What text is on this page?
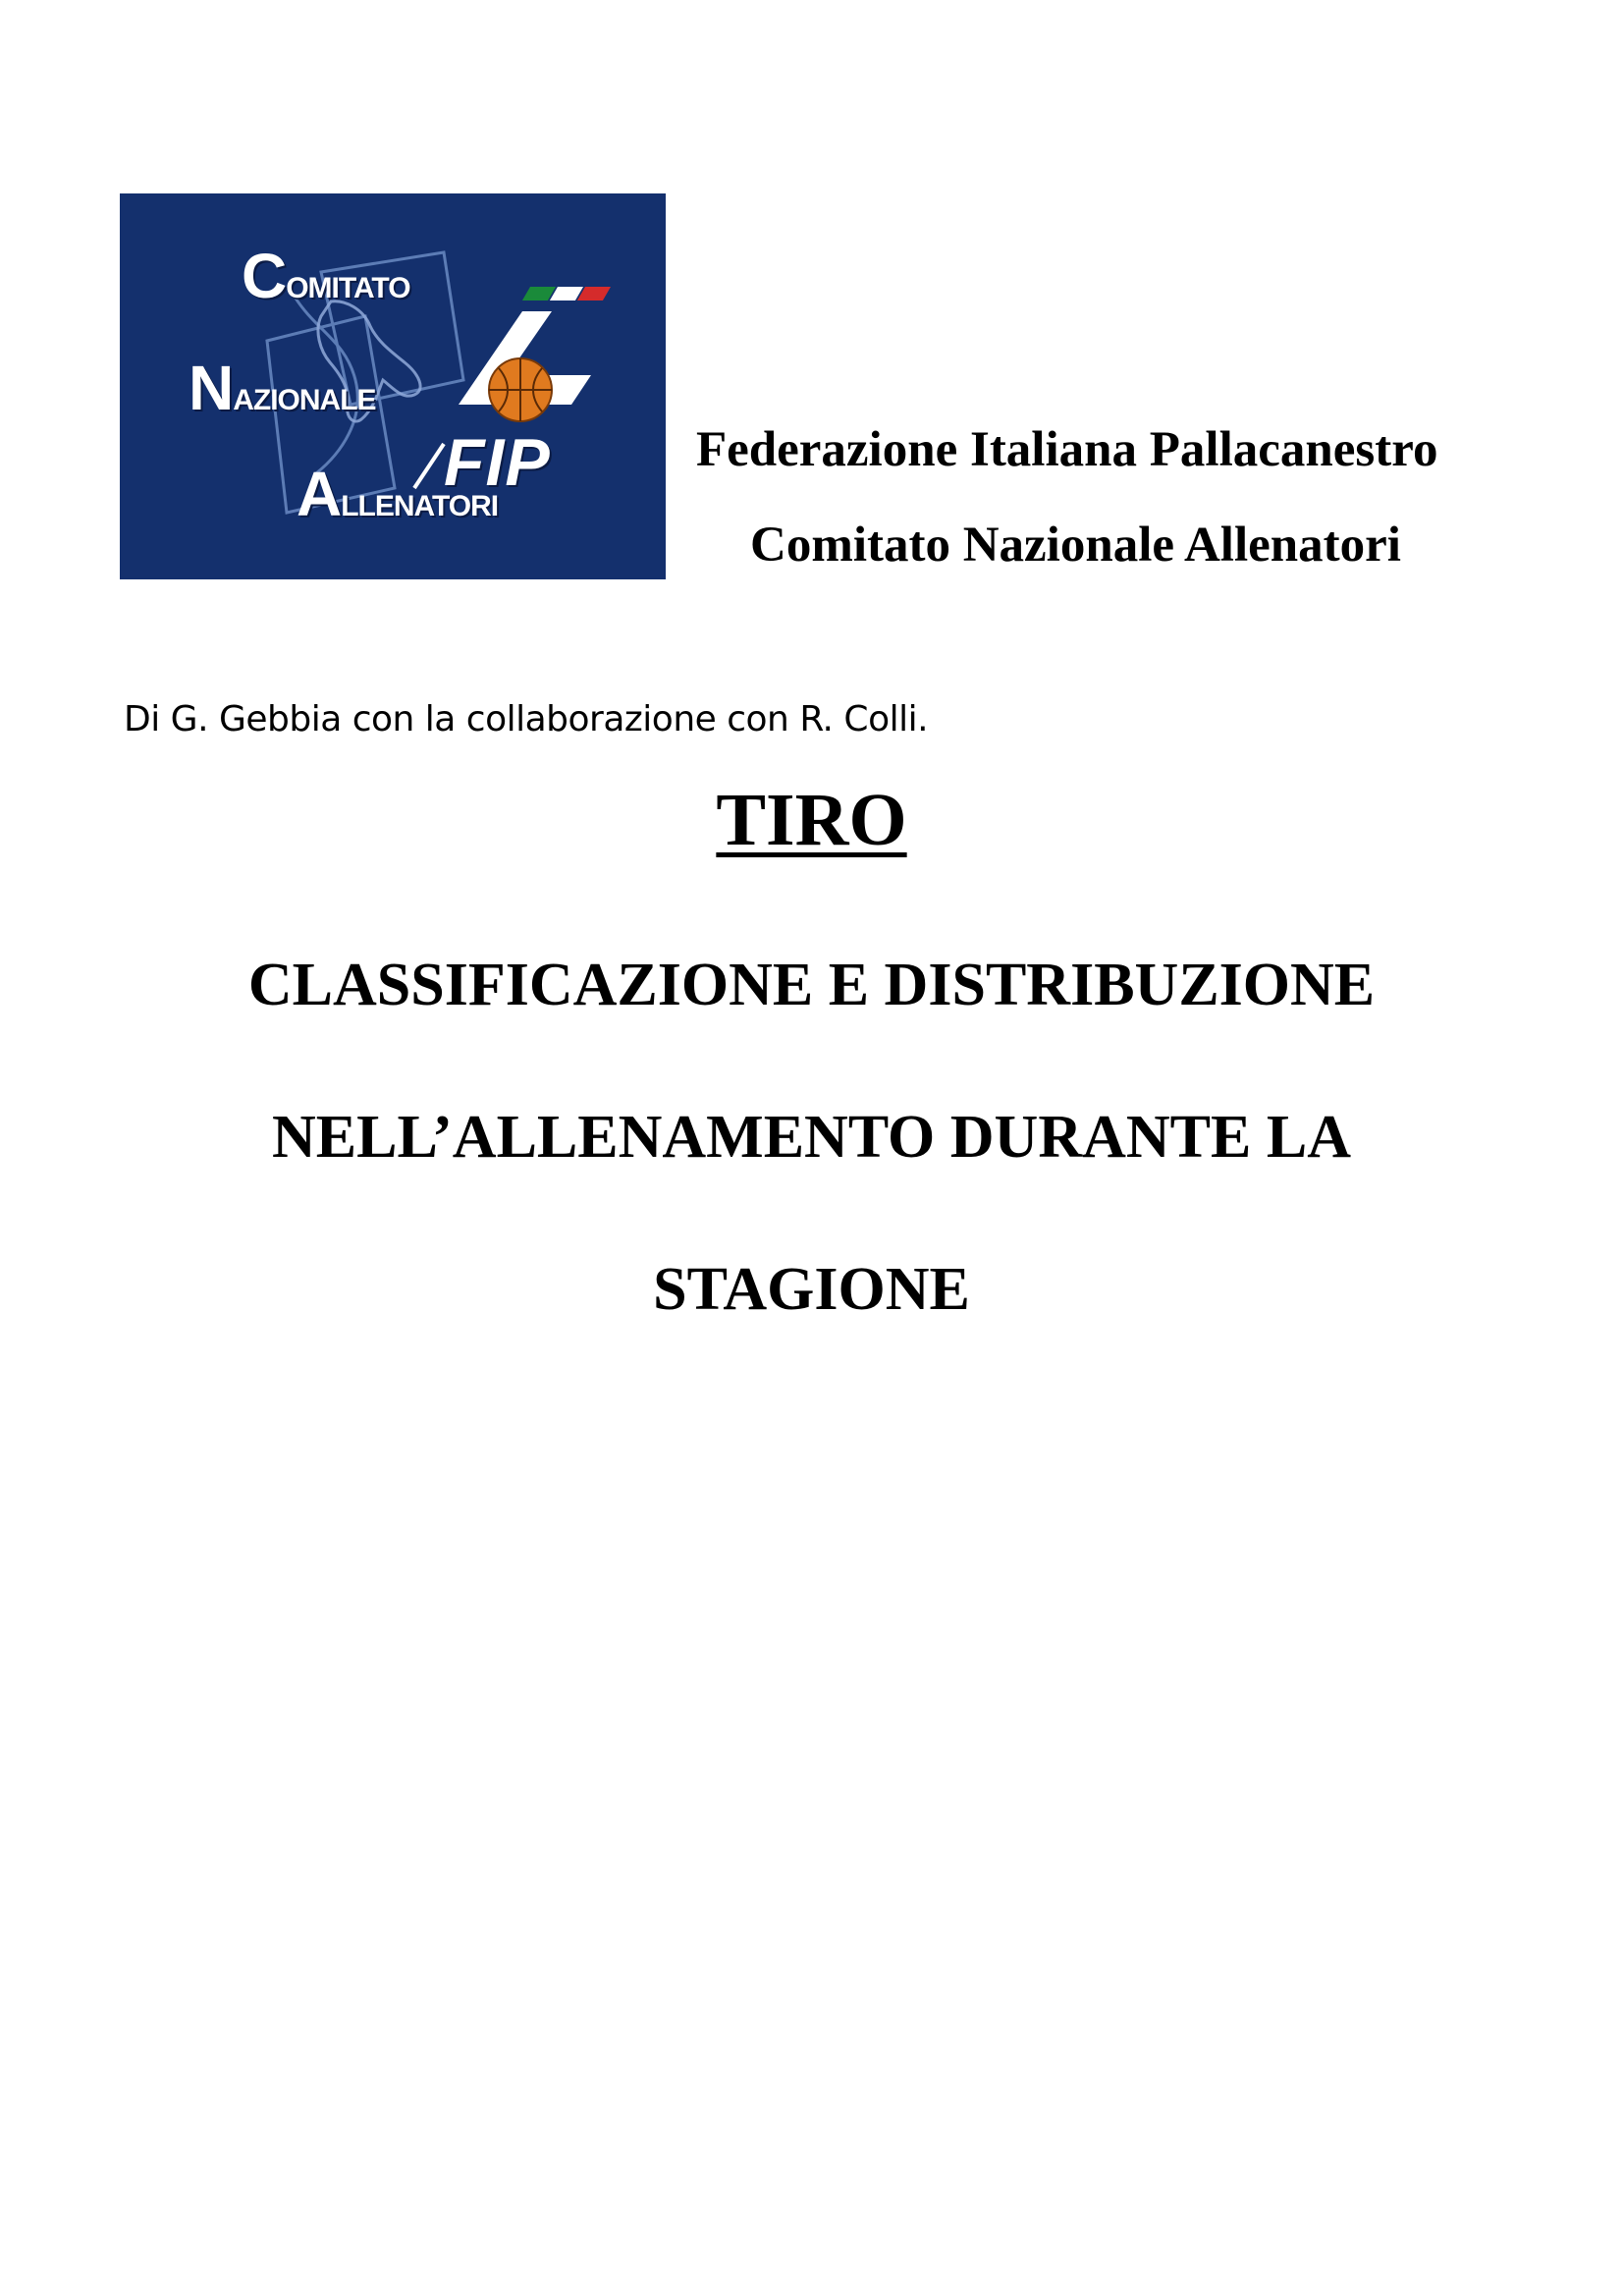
COMITATO
NAZIONALE
ALLENATORI
FIP	Federazione Italiana Pallacanestro
Comitato Nazionale Allenatori
Di G. Gebbia con la collaborazione con R. Colli.
TIRO
CLASSIFICAZIONE E DISTRIBUZIONE
NELL’ALLENAMENTO DURANTE LA
STAGIONE
